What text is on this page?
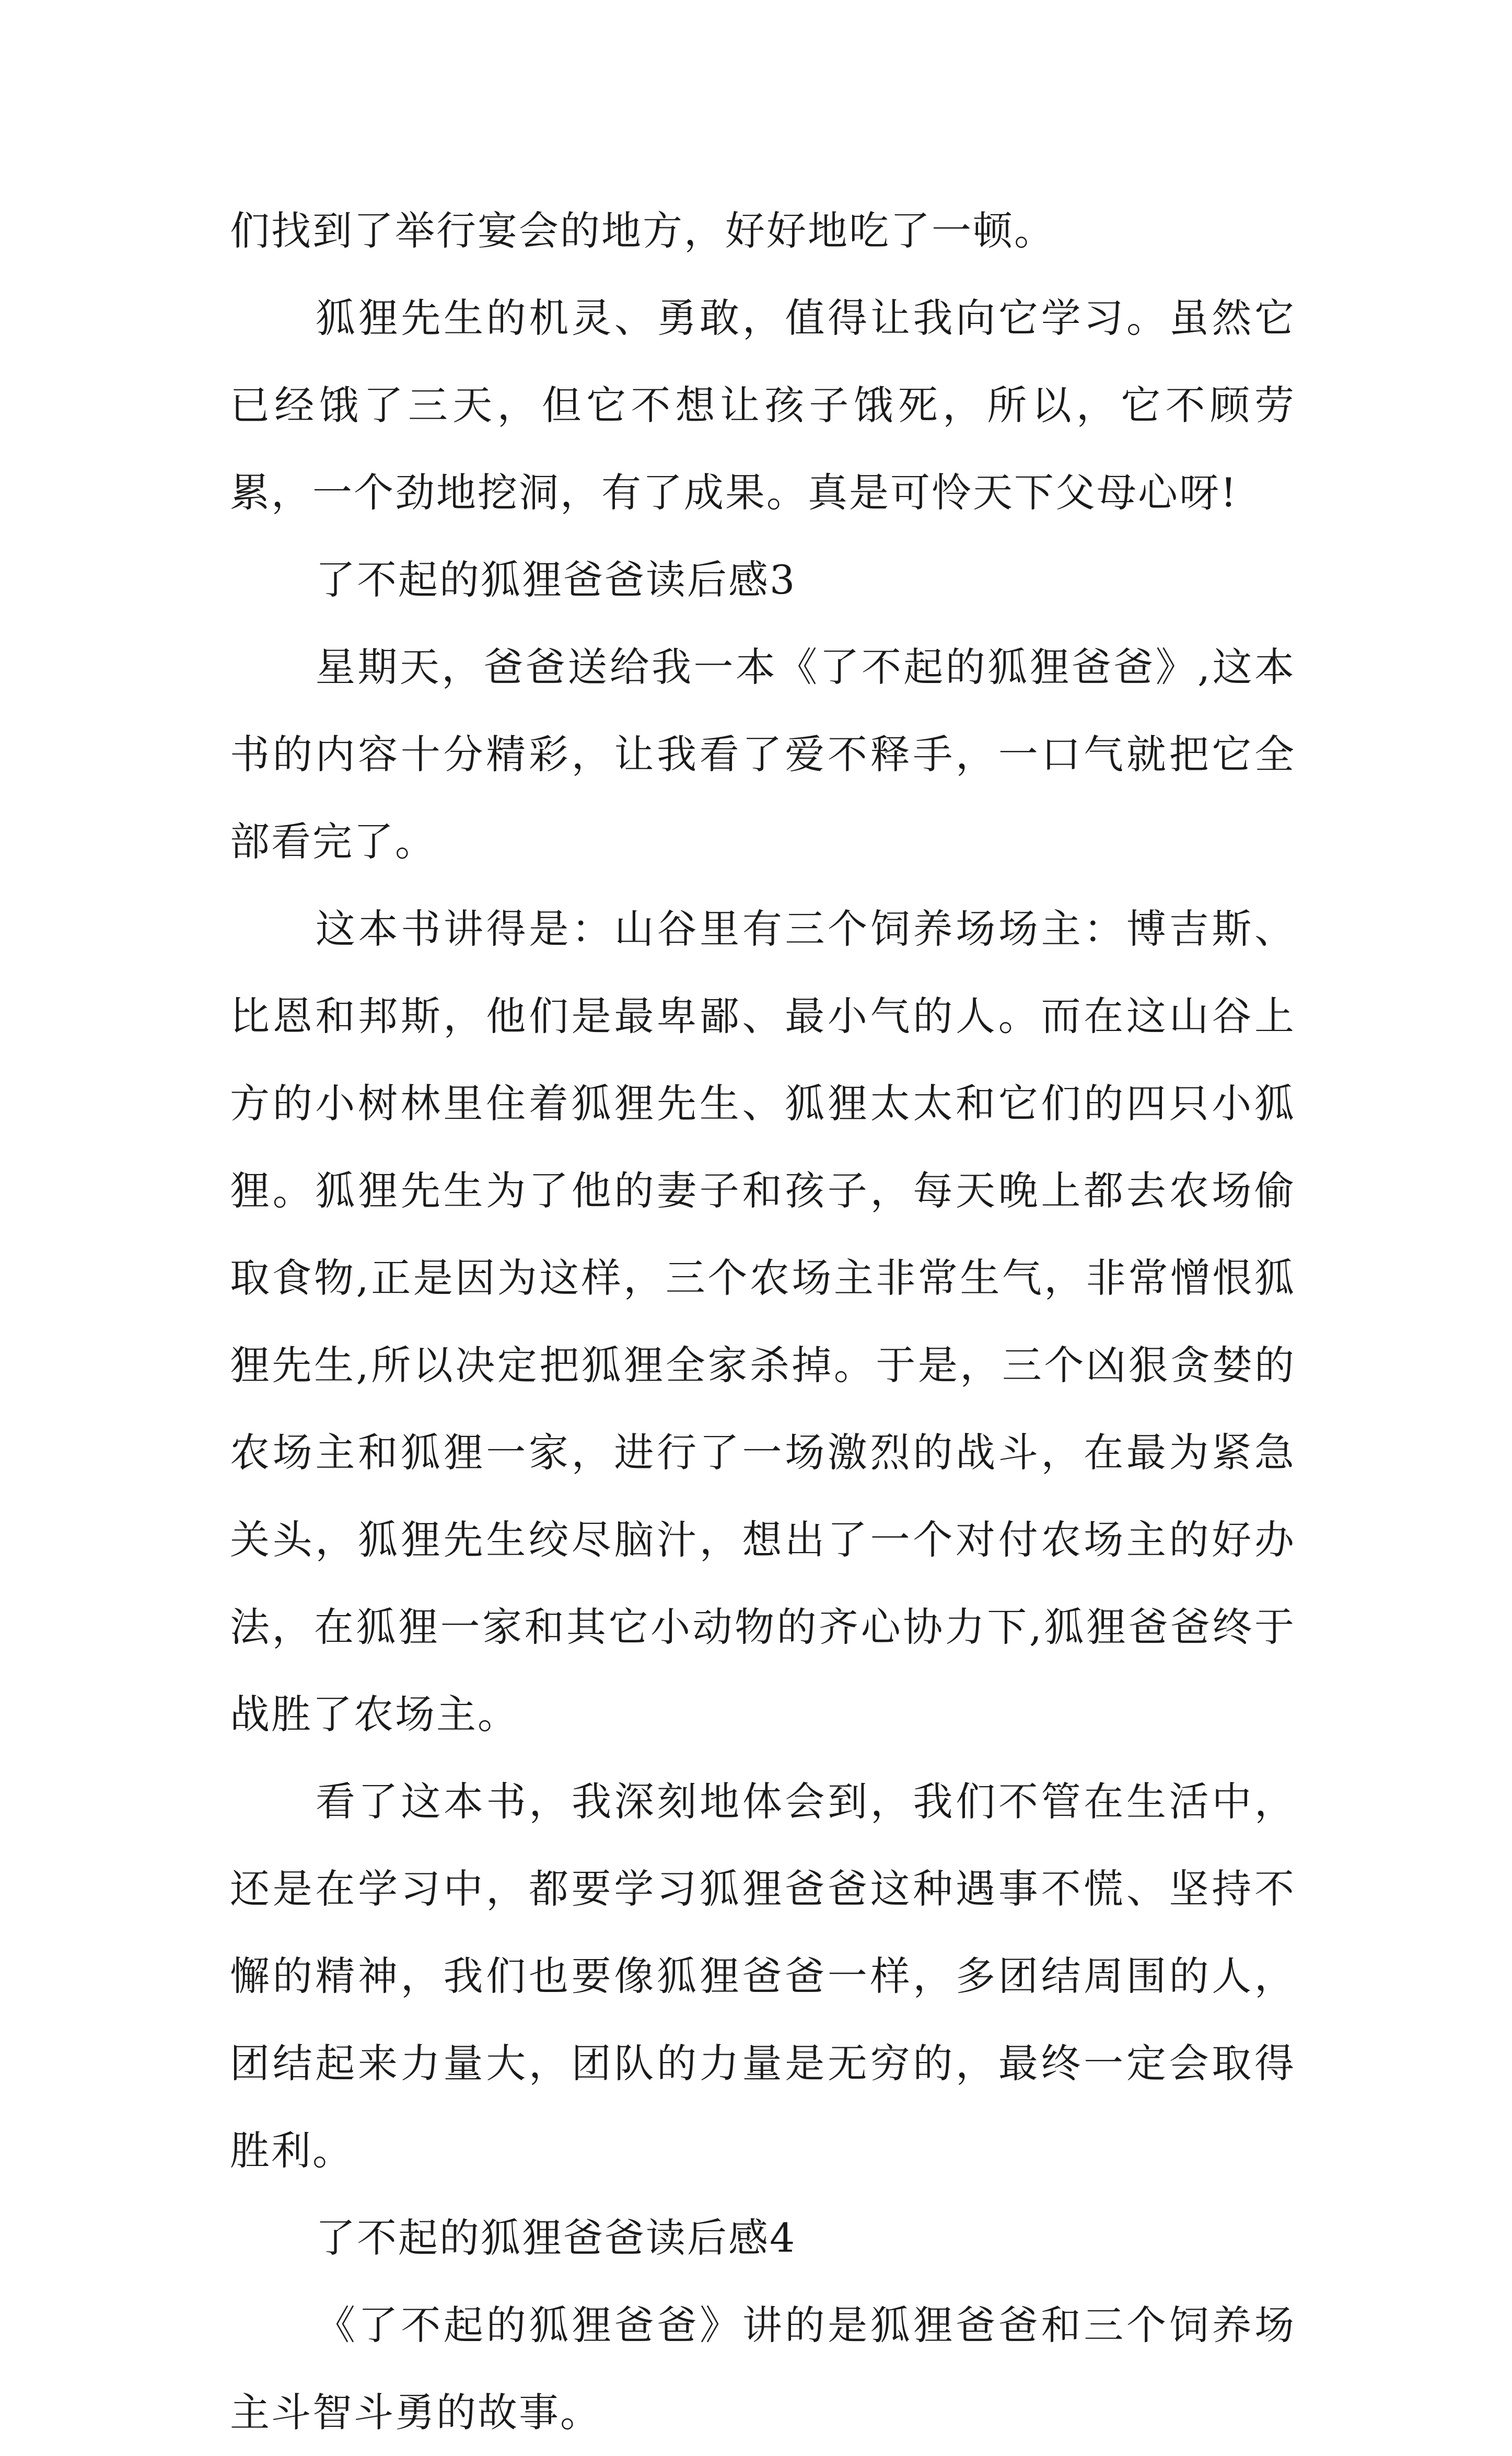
们找到了举行宴会的地方，好好地吃了一顿。

狐狸先生的机灵、勇敢，值得让我向它学习。虽然它已经饿了三天，但它不想让孩子饿死，所以，它不顾劳累，一个劲地挖洞，有了成果。真是可怜天下父母心呀!

了不起的狐狸爸爸读后感3

星期天，爸爸送给我一本《了不起的狐狸爸爸》,这本书的内容十分精彩，让我看了爱不释手，一口气就把它全部看完了。

这本书讲得是：山谷里有三个饲养场场主：博吉斯、比恩和邦斯，他们是最卑鄙、最小气的人。而在这山谷上方的小树林里住着狐狸先生、狐狸太太和它们的四只小狐狸。狐狸先生为了他的妻子和孩子，每天晚上都去农场偷取食物,正是因为这样，三个农场主非常生气，非常憎恨狐狸先生,所以决定把狐狸全家杀掉。于是，三个凶狠贪婪的农场主和狐狸一家，进行了一场激烈的战斗，在最为紧急关头，狐狸先生绞尽脑汁，想出了一个对付农场主的好办法，在狐狸一家和其它小动物的齐心协力下,狐狸爸爸终于战胜了农场主。

看了这本书，我深刻地体会到，我们不管在生活中，还是在学习中，都要学习狐狸爸爸这种遇事不慌、坚持不懈的精神，我们也要像狐狸爸爸一样，多团结周围的人，团结起来力量大，团队的力量是无穷的，最终一定会取得胜利。

了不起的狐狸爸爸读后感4

《了不起的狐狸爸爸》讲的是狐狸爸爸和三个饲养场主斗智斗勇的故事。
